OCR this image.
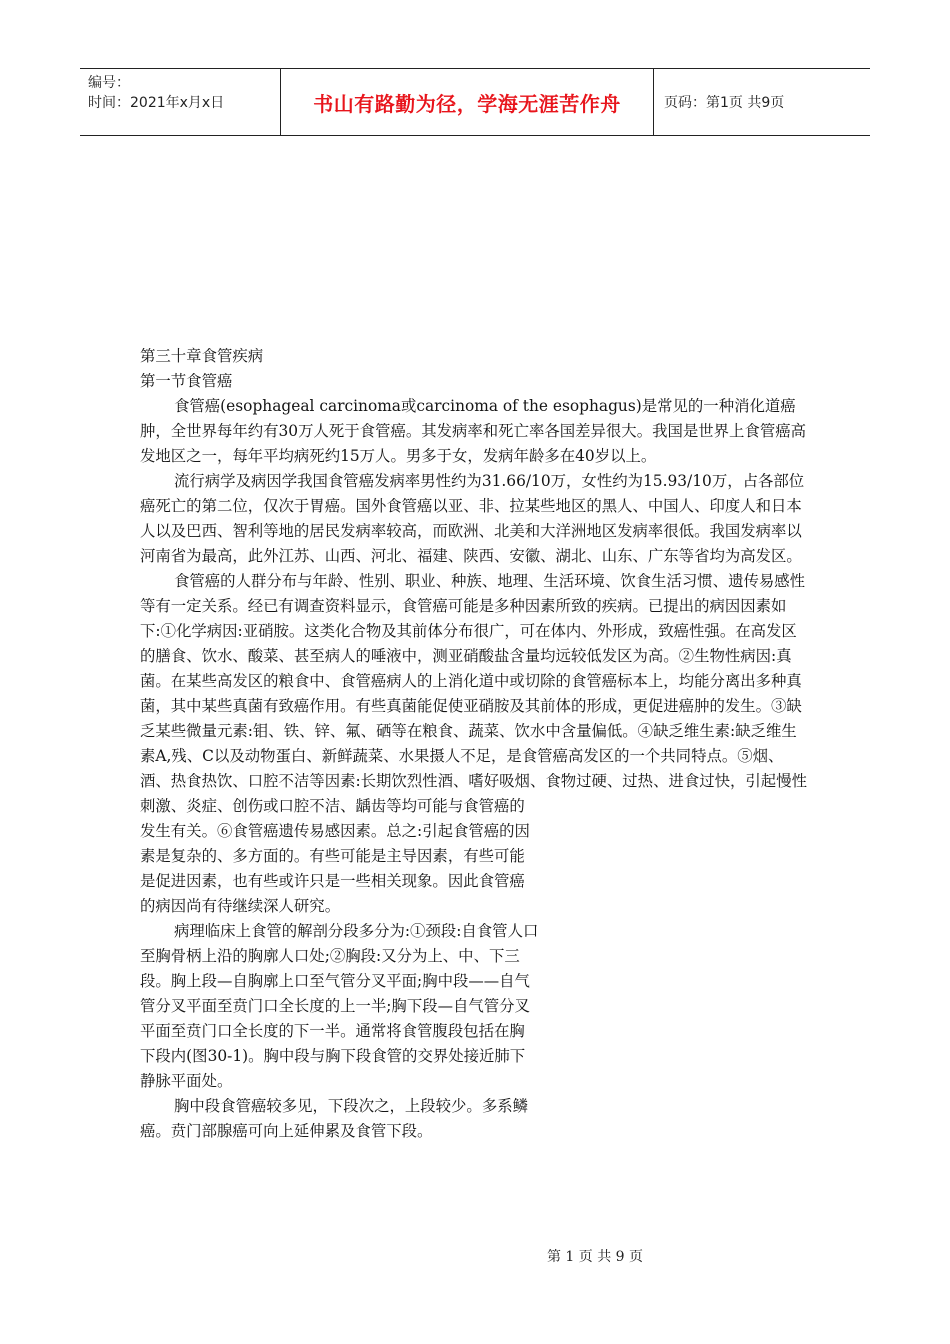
编号：
时间：2021年x月x日	书山有路勤为径，学海无涯苦作舟	页码：第1页 共9页

第三十章食管疾病

第一节食管癌

食管癌(esophageal carcinoma或carcinoma of the esophagus)是常见的一种消化道癌肿，全世界每年约有30万人死于食管癌。其发病率和死亡率各国差异很大。我国是世界上食管癌高发地区之一，每年平均病死约15万人。男多于女，发病年龄多在40岁以上。

流行病学及病因学我国食管癌发病率男性约为31.66/10万，女性约为15.93/10万，占各部位癌死亡的第二位，仅次于胃癌。国外食管癌以亚、非、拉某些地区的黑人、中国人、印度人和日本人以及巴西、智利等地的居民发病率较高，而欧洲、北美和大洋洲地区发病率很低。我国发病率以河南省为最高，此外江苏、山西、河北、福建、陕西、安徽、湖北、山东、广东等省均为高发区。

食管癌的人群分布与年龄、性别、职业、种族、地理、生活环境、饮食生活习惯、遗传易感性等有一定关系。经已有调查资料显示，食管癌可能是多种因素所致的疾病。已提出的病因因素如下:①化学病因:亚硝胺。这类化合物及其前体分布很广，可在体内、外形成，致癌性强。在高发区的膳食、饮水、酸菜、甚至病人的唾液中，测亚硝酸盐含量均远较低发区为高。②生物性病因:真菌。在某些高发区的粮食中、食管癌病人的上消化道中或切除的食管癌标本上，均能分离出多种真菌，其中某些真菌有致癌作用。有些真菌能促使亚硝胺及其前体的形成，更促进癌肿的发生。③缺乏某些微量元素:钼、铁、锌、氟、硒等在粮食、蔬菜、饮水中含量偏低。④缺乏维生素:缺乏维生素A,残、C以及动物蛋白、新鲜蔬菜、水果摄人不足，是食管癌高发区的一个共同特点。⑤烟、酒、热食热饮、口腔不洁等因素:长期饮烈性酒、嗜好吸烟、食物过硬、过热、进食过快，引起慢性

刺激、炎症、创伤或口腔不洁、龋齿等均可能与食管癌的发生有关。⑥食管癌遗传易感因素。总之:引起食管癌的因素是复杂的、多方面的。有些可能是主导因素，有些可能是促进因素，也有些或许只是一些相关现象。因此食管癌的病因尚有待继续深人研究。

病理临床上食管的解剖分段多分为:①颈段:自食管人口至胸骨柄上沿的胸廓人口处;②胸段:又分为上、中、下三段。胸上段—自胸廓上口至气管分叉平面;胸中段——自气管分叉平面至贲门口全长度的上一半;胸下段—自气管分叉平面至贲门口全长度的下一半。通常将食管腹段包括在胸下段内(图30-1)。胸中段与胸下段食管的交界处接近肺下静脉平面处。

胸中段食管癌较多见，下段次之，上段较少。多系鳞癌。贲门部腺癌可向上延伸累及食管下段。

第 1 页 共 9 页
